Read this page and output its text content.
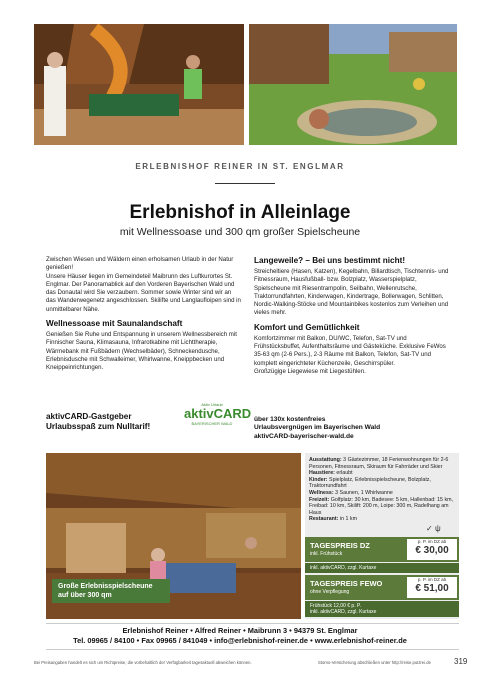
ERLEBNISHOF REINER IN ST. ENGLMAR
Erlebnishof in Alleinlage
mit Wellnessoase und 300 qm großer Spielscheune
Zwischen Wiesen und Wäldern einen erholsamen Urlaub in der Natur genießen!
Unsere Häuser liegen im Gemeindeteil Maibrunn des Luftkurortes St. Englmar. Der Panoramablick auf den Vorderen Bayerischen Wald und das Donautal wird Sie verzaubern. Sommer sowie Winter sind wir an das Wanderwegenetz angeschlossen. Skilifte und Langlaufloipen sind in unmittelbarer Nähe.
Wellnessoase mit Saunalandschaft
Genießen Sie Ruhe und Entspannung in unserem Wellnessbereich mit Finnischer Sauna, Klimasauna, Infrarotkabine mit Lichttherapie, Wärmebank mit Fußbädern (Wechselbäder), Schneckendusche, Erlebnisdusche mit Schwalleimer, Whirlwanne, Kneippbecken und Kneippeinrichtungen.
aktivCARD-Gastgeber
Urlaubsspaß zum Nulltarif!
Aktiv Urlaub
aktivCARD
BAYERISCHER WALD
Langeweile? – Bei uns bestimmt nicht!
Streicheltiere (Hasen, Katzen), Kegelbahn, Billardtisch, Tischtennis- und Fitnessraum, Hausfußball- bzw. Bolzplatz, Wasserspielplatz, Spielscheune mit Riesentrampolin, Seilbahn, Wellenrutsche, Traktorrundfahrten, Kinderwagen, Kindertrage, Bollerwagen, Schlitten, Nordic-Walking-Stöcke und Mountainbikes kostenlos zum Verleihen und vieles mehr.
Komfort und Gemütlichkeit
Komfortzimmer mit Balkon, DU/WC, Telefon, Sat-TV und Frühstücksbuffet, Aufenthaltsräume und Gästeküche. Exklusive FeWos 35-63 qm (2-6 Pers.), 2-3 Räume mit Balkon, Telefon, Sat-TV und komplett eingerichteter Küchenzeile, Geschirrspüler.
Großzügige Liegewiese mit Liegestühlen.
über 130x kostenfreies
Urlaubsvergnügen im Bayerischen Wald
aktivCARD-bayerischer-wald.de
Große Erlebnisspielscheune
auf über 300 qm
Ausstattung: 3 Gästezimmer, 18 Ferienwohnungen für 2-6 Personen, Fitnessraum, Skiraum für Fahrräder und Skier
Haustiere: erlaubt
Kinder: Spielplatz, Erlebnisspielscheune, Bolzplatz, Traktorrundfahrt
Wellness: 3 Saunen, 1 Whirlwanne
Freizeit: Golfplatz: 30 km, Badesee: 5 km, Hallenbad: 15 km, Freibad: 10 km, Skilift: 200 m, Loipe: 300 m, Radelhang am Haus
Restaurant: in 1 km
✓ ψ
TAGESPREIS DZ
inkl. Frühstück
p. P. im DZ ab
€ 30,00
inkl. aktivCARD, zzgl. Kurtaxe
TAGESPREIS FEWO
ohne Verpflegung
p. P. im DZ ab
€ 51,00
Frühstück 12,00 € p. P.
inkl. aktivCARD, zzgl. Kurtaxe
Erlebnishof Reiner • Alfred Reiner • Maibrunn 3 • 94379 St. Englmar
Tel. 09965 / 84100 • Fax 09965 / 841049 • info@erlebnishof-reiner.de • www.erlebnishof-reiner.de
Bei Preisangaben handelt es sich um Richtpreise, die vorbehaltlich der Verfügbarkeit tagesaktuell abweichen können.	Storno-Versicherung abschließen unter http://reise.putzrei.de	319
